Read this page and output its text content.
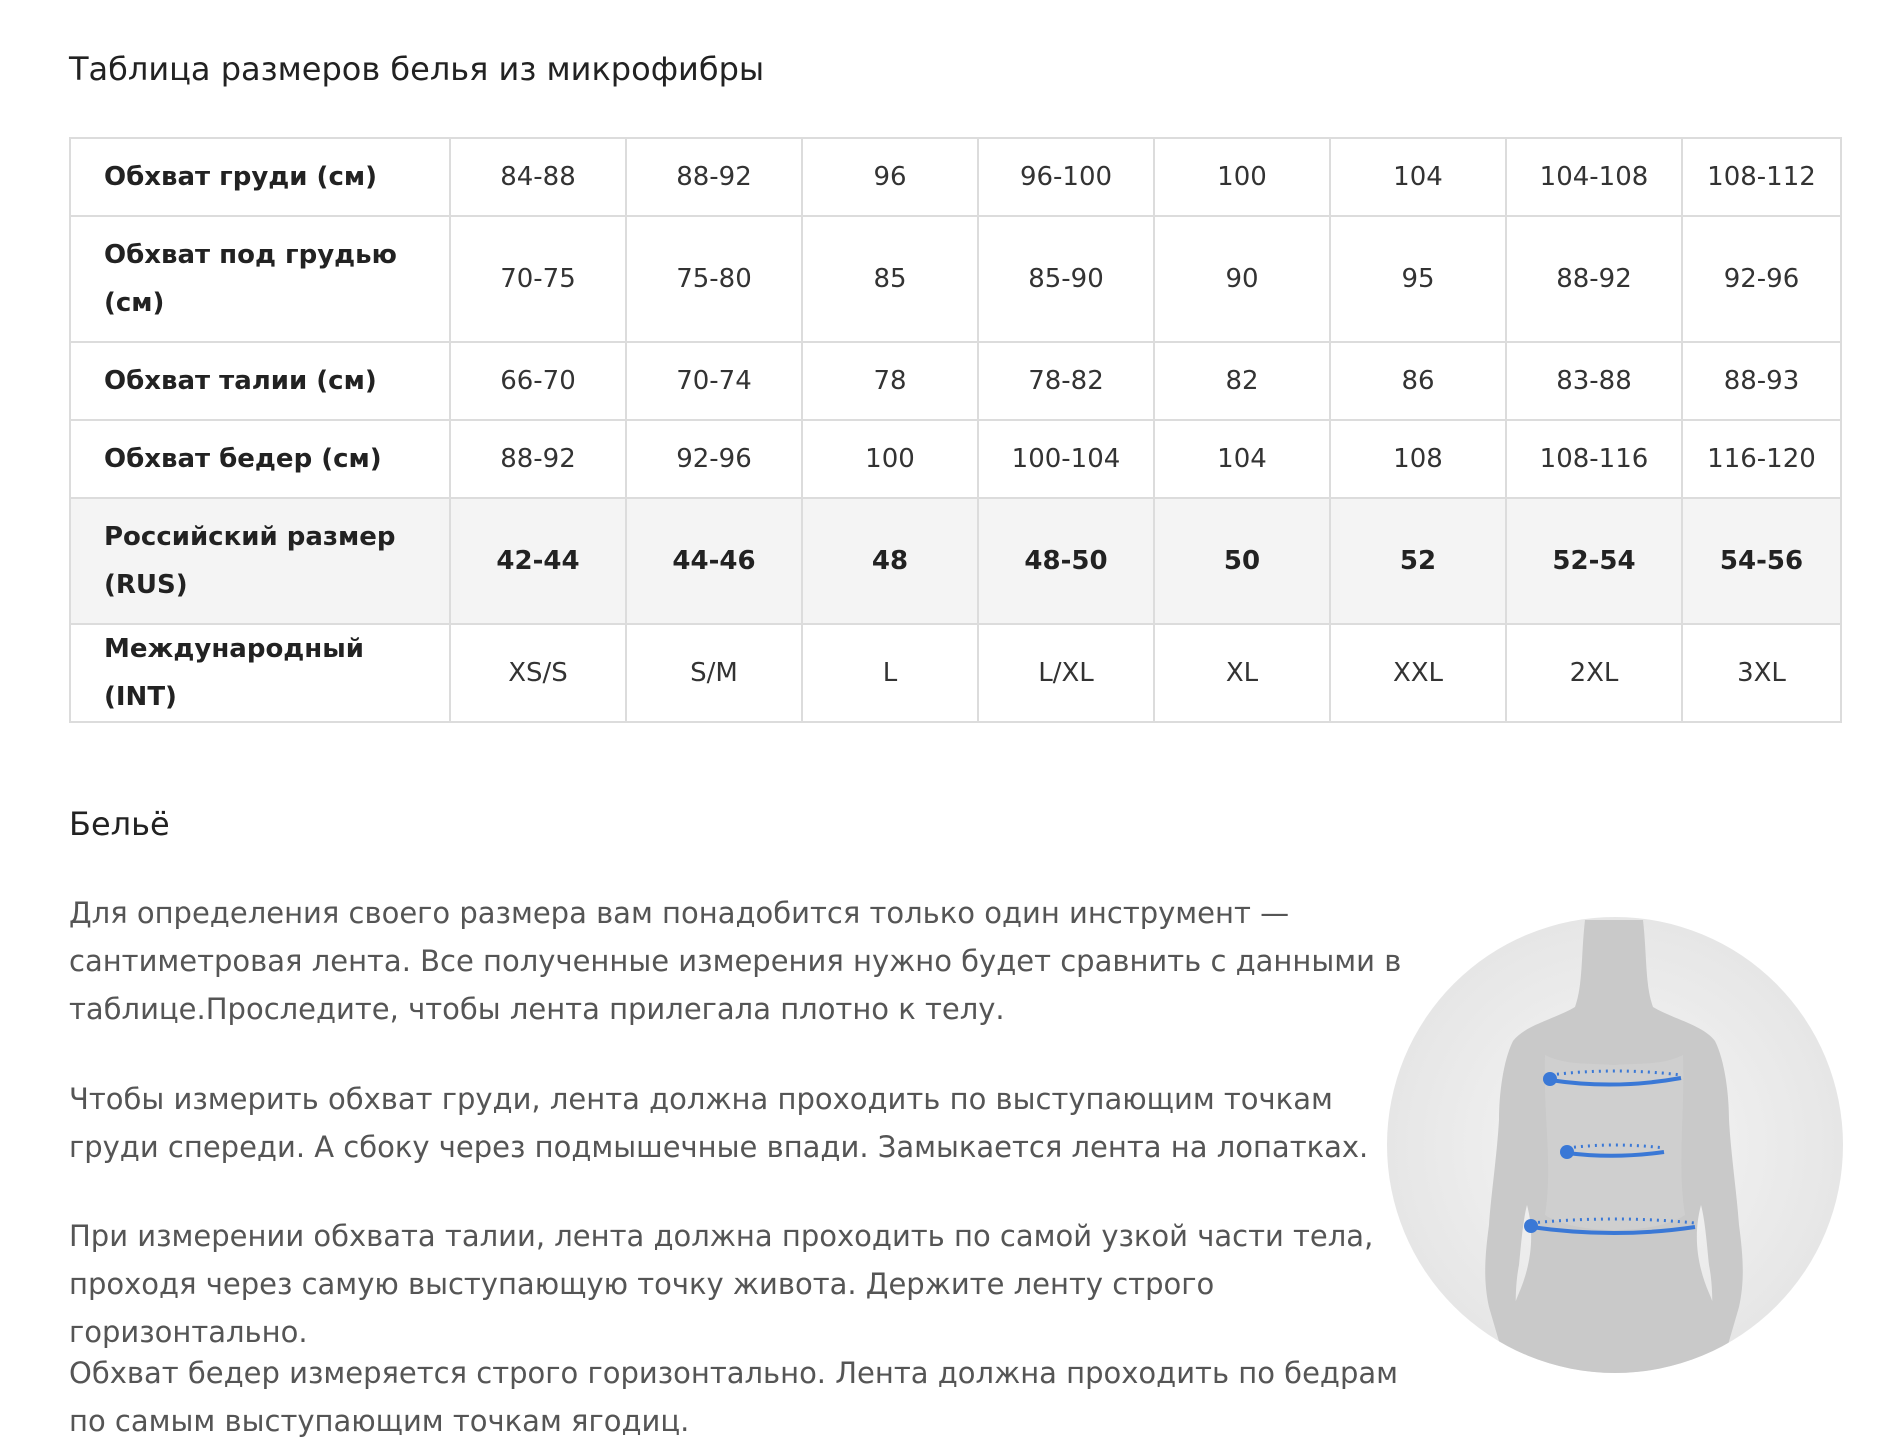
Таблица размеров белья из микрофибры
Обхват груди (см)	84-88	88-92	96	96-100	100	104	104-108	108-112
Обхват под грудью (см)	70-75	75-80	85	85-90	90	95	88-92	92-96
Обхват талии (см)	66-70	70-74	78	78-82	82	86	83-88	88-93
Обхват бедер (см)	88-92	92-96	100	100-104	104	108	108-116	116-120
Российский размер (RUS)	42-44	44-46	48	48-50	50	52	52-54	54-56
Международный (INT)	XS/S	S/M	L	L/XL	XL	XXL	2XL	3XL
Бельё

Для определения своего размера вам понадобится только один инструмент — сантиметровая лента. Все полученные измерения нужно будет сравнить с данными в таблице.Проследите, чтобы лента прилегала плотно к телу.

Чтобы измерить обхват груди, лента должна проходить по выступающим точкам груди спереди. А сбоку через подмышечные впади. Замыкается лента на лопатках.

При измерении обхвата талии, лента должна проходить по самой узкой части тела, проходя через самую выступающую точку живота. Держите ленту строго горизонтально.

Обхват бедер измеряется строго горизонтально. Лента должна проходить по бедрам по самым выступающим точкам ягодиц.
